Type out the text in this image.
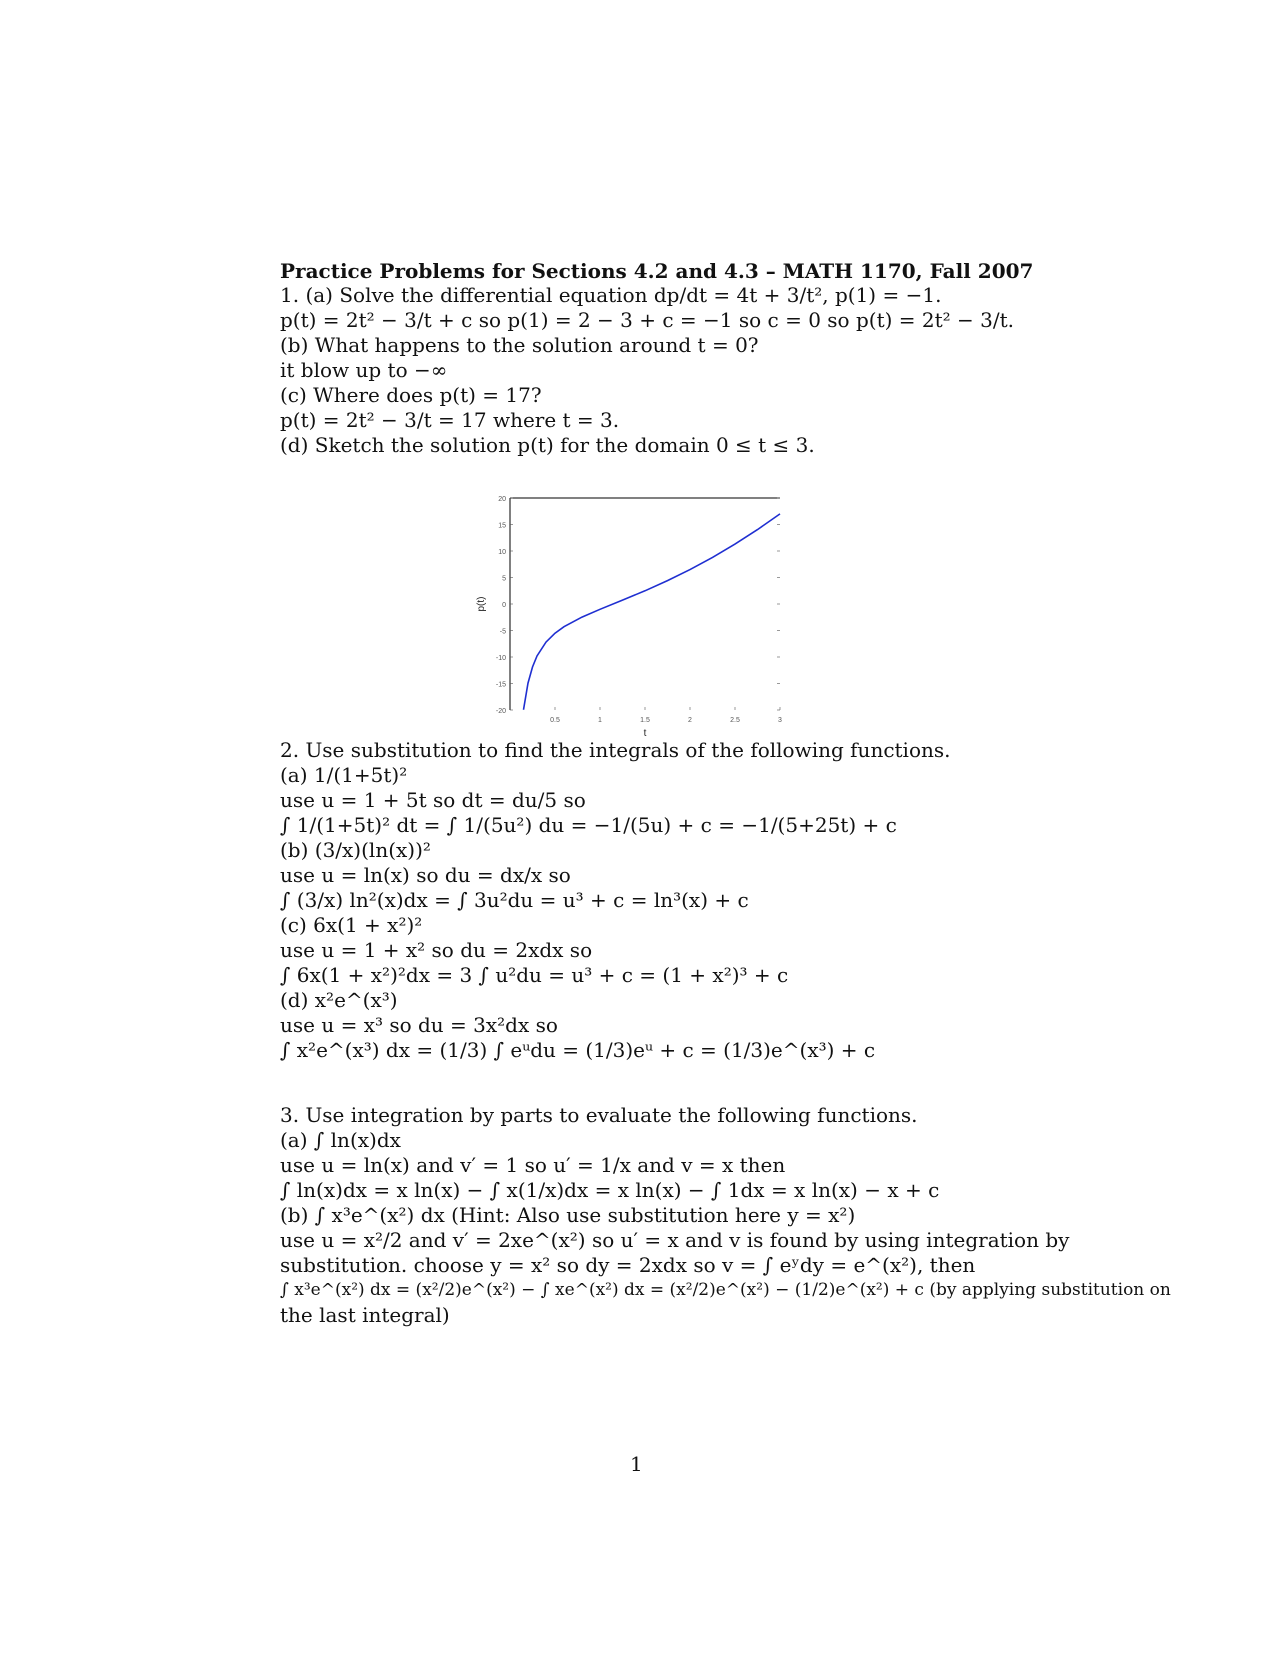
Practice Problems for Sections 4.2 and 4.3 – MATH 1170, Fall 2007
1. (a) Solve the differential equation dp/dt = 4t + 3/t², p(1) = −1.
p(t) = 2t² − 3/t + c so p(1) = 2 − 3 + c = −1 so c = 0 so p(t) = 2t² − 3/t.
(b) What happens to the solution around t = 0?
it blow up to −∞
(c) Where does p(t) = 17?
p(t) = 2t² − 3/t = 17 where t = 3.
(d) Sketch the solution p(t) for the domain 0 ≤ t ≤ 3.
2. Use substitution to find the integrals of the following functions.
(a) 1/(1+5t)²
use u = 1 + 5t so dt = du/5 so
∫ 1/(1+5t)² dt = ∫ 1/(5u²) du = −1/(5u) + c = −1/(5+25t) + c
(b) (3/x)(ln(x))²
use u = ln(x) so du = dx/x so
∫ (3/x) ln²(x)dx = ∫ 3u²du = u³ + c = ln³(x) + c
(c) 6x(1 + x²)²
use u = 1 + x² so du = 2xdx so
∫ 6x(1 + x²)²dx = 3 ∫ u²du = u³ + c = (1 + x²)³ + c
(d) x²e^(x³)
use u = x³ so du = 3x²dx so
∫ x²e^(x³) dx = (1/3) ∫ eᵘdu = (1/3)eᵘ + c = (1/3)e^(x³) + c
3. Use integration by parts to evaluate the following functions.
(a) ∫ ln(x)dx
use u = ln(x) and v′ = 1 so u′ = 1/x and v = x then
∫ ln(x)dx = x ln(x) − ∫ x(1/x)dx = x ln(x) − ∫ 1dx = x ln(x) − x + c
(b) ∫ x³e^(x²) dx (Hint: Also use substitution here y = x²)
use u = x²/2 and v′ = 2xe^(x²) so u′ = x and v is found by using integration by
substitution. choose y = x² so dy = 2xdx so v = ∫ eʸdy = e^(x²), then
∫ x³e^(x²) dx = (x²/2)e^(x²) − ∫ xe^(x²) dx = (x²/2)e^(x²) − (1/2)e^(x²) + c (by applying substitution on
the last integral)
20
15
10
5
0
-5
-10
-15
-20
0.5	1	1.5	2	2.5	3
t
p(t)
1
